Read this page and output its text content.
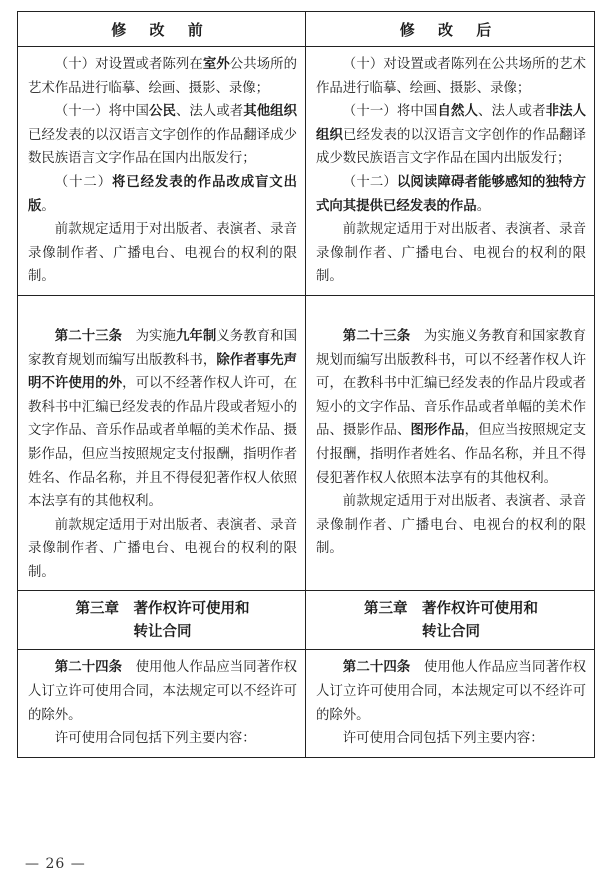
修 改 前	修 改 后

（十）对设置或者陈列在室外公共场所的艺术作品进行临摹、绘画、摄影、录像；

（十一）将中国公民、法人或者其他组织已经发表的以汉语言文字创作的作品翻译成少数民族语言文字作品在国内出版发行；

（十二）将已经发表的作品改成盲文出版。

前款规定适用于对出版者、表演者、录音录像制作者、广播电台、电视台的权利的限制。

（十）对设置或者陈列在公共场所的艺术作品进行临摹、绘画、摄影、录像；

（十一）将中国自然人、法人或者非法人组织已经发表的以汉语言文字创作的作品翻译成少数民族语言文字作品在国内出版发行；

（十二）以阅读障碍者能够感知的独特方式向其提供已经发表的作品。

前款规定适用于对出版者、表演者、录音录像制作者、广播电台、电视台的权利的限制。

第二十三条　为实施九年制义务教育和国家教育规划而编写出版教科书，除作者事先声明不许使用的外，可以不经著作权人许可，在教科书中汇编已经发表的作品片段或者短小的文字作品、音乐作品或者单幅的美术作品、摄影作品，但应当按照规定支付报酬，指明作者姓名、作品名称，并且不得侵犯著作权人依照本法享有的其他权利。

前款规定适用于对出版者、表演者、录音录像制作者、广播电台、电视台的权利的限制。

第二十三条　为实施义务教育和国家教育规划而编写出版教科书，可以不经著作权人许可，在教科书中汇编已经发表的作品片段或者短小的文字作品、音乐作品或者单幅的美术作品、摄影作品、图形作品，但应当按照规定支付报酬，指明作者姓名、作品名称，并且不得侵犯著作权人依照本法享有的其他权利。

前款规定适用于对出版者、表演者、录音录像制作者、广播电台、电视台的权利的限制。

第三章　著作权许可使用和
转让合同
第三章　著作权许可使用和
转让合同

第二十四条　使用他人作品应当同著作权人订立许可使用合同，本法规定可以不经许可的除外。

许可使用合同包括下列主要内容：

第二十四条　使用他人作品应当同著作权人订立许可使用合同，本法规定可以不经许可的除外。

许可使用合同包括下列主要内容：

— 26 —
